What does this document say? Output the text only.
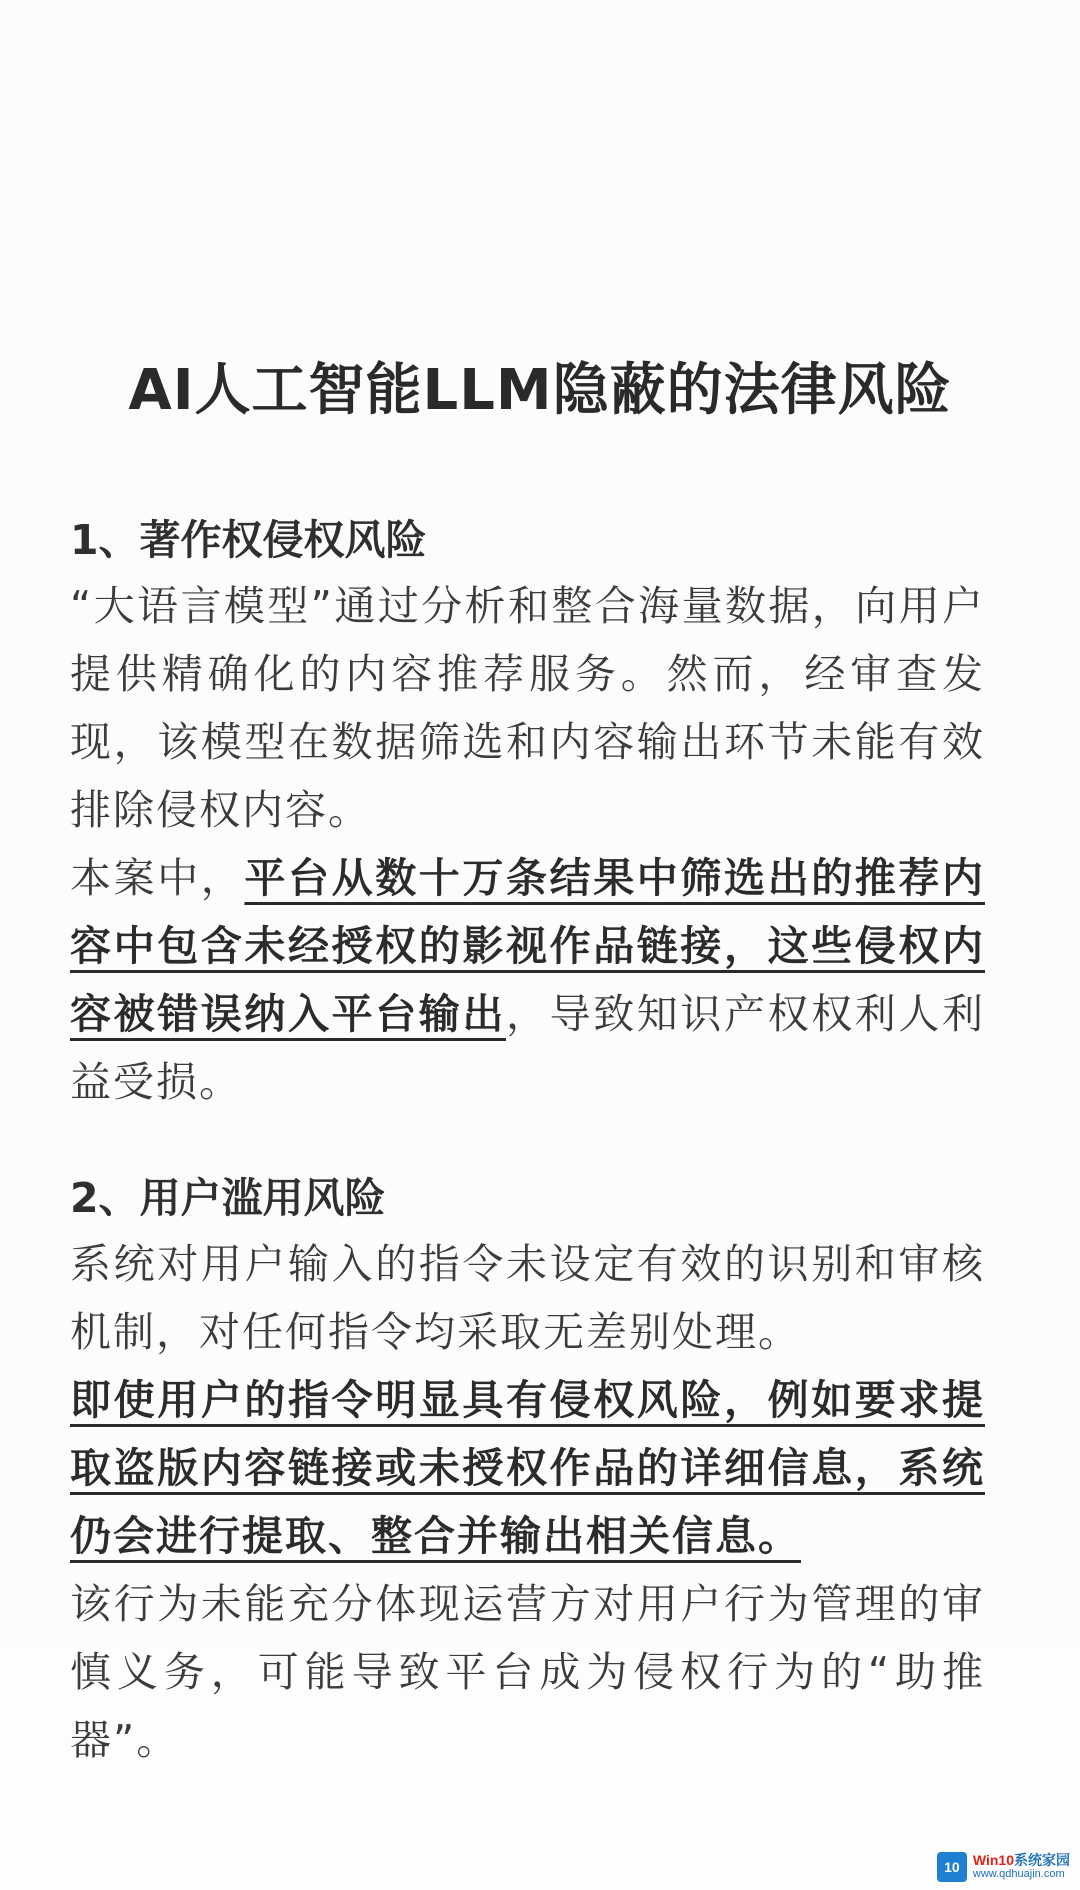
AI人工智能LLM隐蔽的法律风险

1、著作权侵权风险

“大语言模型”通过分析和整合海量数据，向用户提供精确化的内容推荐服务。然而，经审查发现，该模型在数据筛选和内容输出环节未能有效排除侵权内容。

本案中，平台从数十万条结果中筛选出的推荐内容中包含未经授权的影视作品链接，这些侵权内容被错误纳入平台输出，导致知识产权权利人利益受损。

2、用户滥用风险

系统对用户输入的指令未设定有效的识别和审核机制，对任何指令均采取无差别处理。

即使用户的指令明显具有侵权风险，例如要求提取盗版内容链接或未授权作品的详细信息，系统仍会进行提取、整合并输出相关信息。

该行为未能充分体现运营方对用户行为管理的审慎义务，可能导致平台成为侵权行为的“助推器”。

10 Win10系统家园
www.qdhuajin.com
